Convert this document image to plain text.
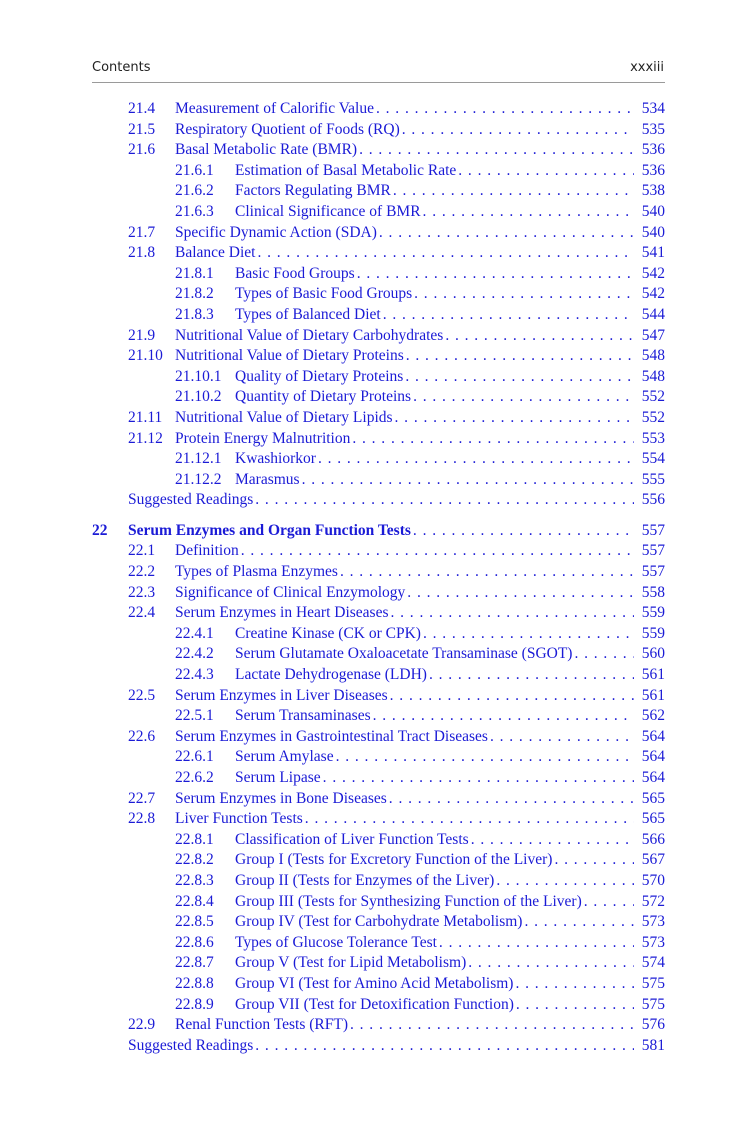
Contents	xxxiii
21.4 Measurement of Calorific Value . . .	534
21.5 Respiratory Quotient of Foods (RQ) . . .	535
21.6 Basal Metabolic Rate (BMR) . . .	536
21.6.1 Estimation of Basal Metabolic Rate . . .	536
21.6.2 Factors Regulating BMR . . .	538
21.6.3 Clinical Significance of BMR . . .	540
21.7 Specific Dynamic Action (SDA) . . .	540
21.8 Balance Diet . . .	541
21.8.1 Basic Food Groups . . .	542
21.8.2 Types of Basic Food Groups . . .	542
21.8.3 Types of Balanced Diet . . .	544
21.9 Nutritional Value of Dietary Carbohydrates . . .	547
21.10 Nutritional Value of Dietary Proteins . . .	548
21.10.1 Quality of Dietary Proteins . . .	548
21.10.2 Quantity of Dietary Proteins . . .	552
21.11 Nutritional Value of Dietary Lipids . . .	552
21.12 Protein Energy Malnutrition . . .	553
21.12.1 Kwashiorkor . . .	554
21.12.2 Marasmus . . .	555
Suggested Readings . . .	556
22 Serum Enzymes and Organ Function Tests . . .	557
22.1 Definition . . .	557
22.2 Types of Plasma Enzymes . . .	557
22.3 Significance of Clinical Enzymology . . .	558
22.4 Serum Enzymes in Heart Diseases . . .	559
22.4.1 Creatine Kinase (CK or CPK) . . .	559
22.4.2 Serum Glutamate Oxaloacetate Transaminase (SGOT) . . .	560
22.4.3 Lactate Dehydrogenase (LDH) . . .	561
22.5 Serum Enzymes in Liver Diseases . . .	561
22.5.1 Serum Transaminases . . .	562
22.6 Serum Enzymes in Gastrointestinal Tract Diseases . . .	564
22.6.1 Serum Amylase . . .	564
22.6.2 Serum Lipase . . .	564
22.7 Serum Enzymes in Bone Diseases . . .	565
22.8 Liver Function Tests . . .	565
22.8.1 Classification of Liver Function Tests . . .	566
22.8.2 Group I (Tests for Excretory Function of the Liver) . . .	567
22.8.3 Group II (Tests for Enzymes of the Liver) . . .	570
22.8.4 Group III (Tests for Synthesizing Function of the Liver) . . .	572
22.8.5 Group IV (Test for Carbohydrate Metabolism) . . .	573
22.8.6 Types of Glucose Tolerance Test . . .	573
22.8.7 Group V (Test for Lipid Metabolism) . . .	574
22.8.8 Group VI (Test for Amino Acid Metabolism) . . .	575
22.8.9 Group VII (Test for Detoxification Function) . . .	575
22.9 Renal Function Tests (RFT) . . .	576
Suggested Readings . . .	581
